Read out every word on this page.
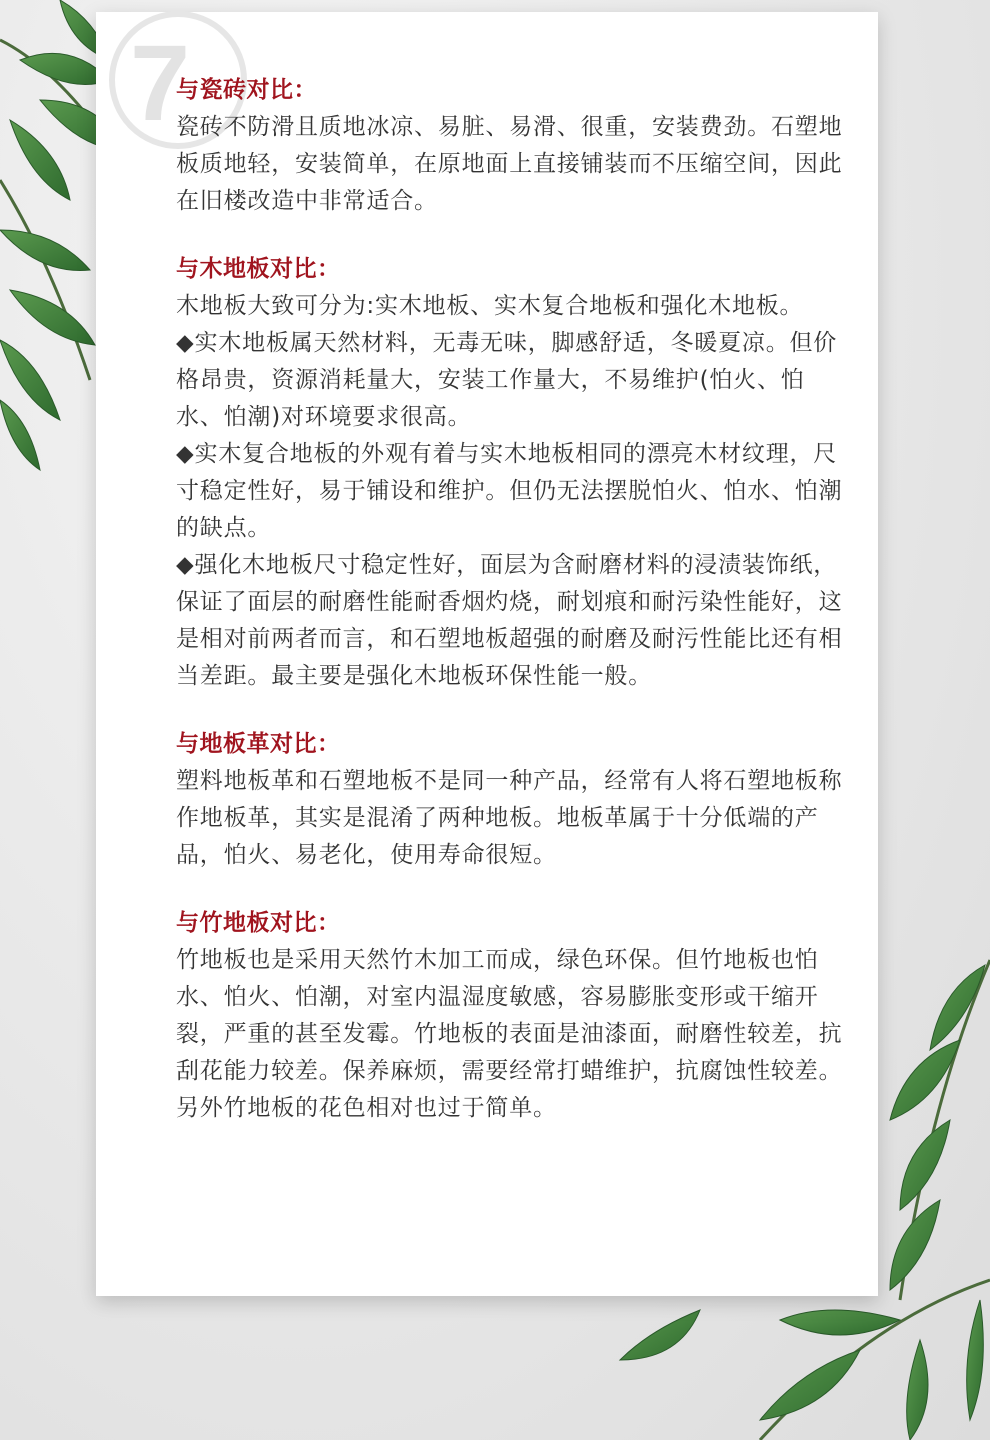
7

与瓷砖对比：

瓷砖不防滑且质地冰凉、易脏、易滑、很重，安装费劲。石塑地板质地轻，安装简单，在原地面上直接铺装而不压缩空间，因此在旧楼改造中非常适合。

与木地板对比：

木地板大致可分为:实木地板、实木复合地板和强化木地板。

◆实木地板属天然材料，无毒无味，脚感舒适，冬暖夏凉。但价格昂贵，资源消耗量大，安装工作量大，不易维护(怕火、怕水、怕潮)对环境要求很高。

◆实木复合地板的外观有着与实木地板相同的漂亮木材纹理，尺寸稳定性好，易于铺设和维护。但仍无法摆脱怕火、怕水、怕潮的缺点。

◆强化木地板尺寸稳定性好，面层为含耐磨材料的浸渍装饰纸，保证了面层的耐磨性能耐香烟灼烧，耐划痕和耐污染性能好，这是相对前两者而言，和石塑地板超强的耐磨及耐污性能比还有相当差距。最主要是强化木地板环保性能一般。

与地板革对比：

塑料地板革和石塑地板不是同一种产品，经常有人将石塑地板称作地板革，其实是混淆了两种地板。地板革属于十分低端的产品，怕火、易老化，使用寿命很短。

与竹地板对比：

竹地板也是采用天然竹木加工而成，绿色环保。但竹地板也怕水、怕火、怕潮，对室内温湿度敏感，容易膨胀变形或干缩开裂，严重的甚至发霉。竹地板的表面是油漆面，耐磨性较差，抗刮花能力较差。保养麻烦，需要经常打蜡维护，抗腐蚀性较差。另外竹地板的花色相对也过于简单。
